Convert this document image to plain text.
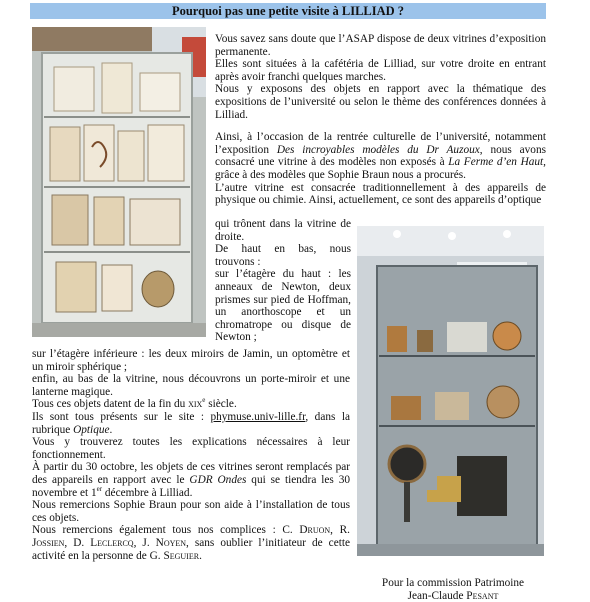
Pourquoi pas une petite visite à LILLIAD ?

Vous savez sans doute que l’ASAP dispose de deux vitrines d’exposition permanente.

Elles sont situées à la cafétéria de Lilliad, sur votre droite en entrant après avoir franchi quelques marches.

Nous y exposons des objets en rapport avec la thématique des expositions de l’université ou selon le thème des conférences données à Lilliad.

Ainsi, à l’occasion de la rentrée culturelle de l’université, notamment l’exposition Des incroyables modèles du Dr Auzoux, nous avons consacré une vitrine à des modèles non exposés à La Ferme d’en Haut, grâce à des modèles que Sophie Braun nous a procurés.

L’autre vitrine est consacrée traditionnellement à des appareils de physique ou chimie. Ainsi, actuellement, ce sont des appareils d’optique

qui trônent dans la vitrine de droite.

De haut en bas, nous trouvons :

sur l’étagère du haut : les anneaux de Newton, deux prismes sur pied de Hoffman, un anorthoscope et un chromatrope ou disque de Newton ;

sur l’étagère inférieure : les deux miroirs de Jamin, un optomètre et un miroir sphérique ;

enfin, au bas de la vitrine, nous découvrons un porte-miroir et une lanterne magique.

Tous ces objets datent de la fin du xix$^e$ siècle.

Ils sont tous présents sur le site : phymuse.univ-lille.fr, dans la rubrique Optique.

Vous y trouverez toutes les explications nécessaires à leur fonctionnement.

À partir du 30 octobre, les objets de ces vitrines seront remplacés par des appareils en rapport avec le GDR Ondes qui se tiendra les 30 novembre et 1er décembre à Lilliad.

Nous remercions Sophie Braun pour son aide à l’installation de tous ces objets.

Nous remercions également tous nos complices : C. Druon, R. Jossien, D. Leclercq, J. Noyen, sans oublier l’initiateur de cette activité en la personne de G. Seguier.

Pour la commission Patrimoine
Jean-Claude Pesant
